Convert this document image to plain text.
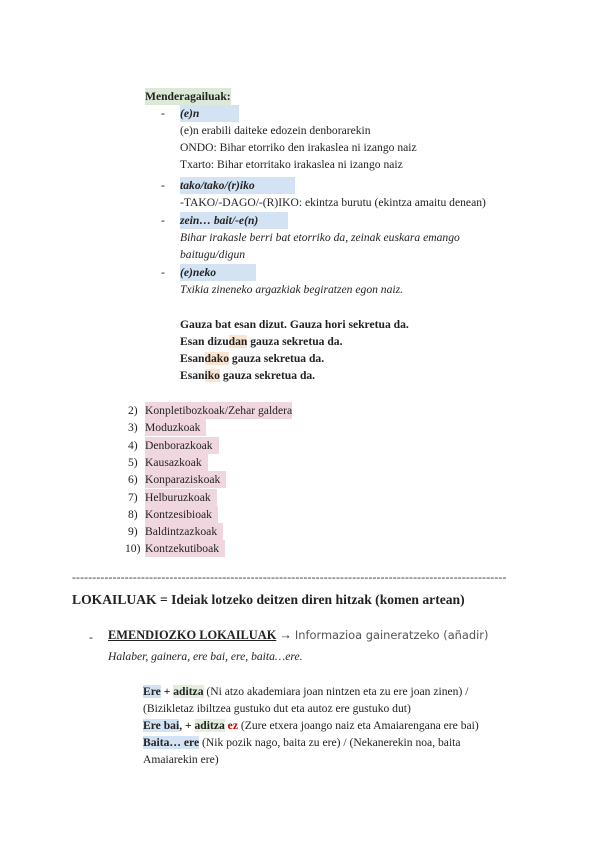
Menderagailuak:
- (e)n
(e)n erabili daiteke edozein denborarekin
ONDO: Bihar etorriko den irakaslea ni izango naiz
Txarto: Bihar etorritako irakaslea ni izango naiz
- tako/tako/(r)iko
-TAKO/-DAGO/-(R)IKO: ekintza burutu (ekintza amaitu denean)
- zein… bait/-e(n)
Bihar irakasle berri bat etorriko da, zeinak euskara emango
baitugu/digun
- (e)neko
Txikia zineneko argazkiak begiratzen egon naiz.
Gauza bat esan dizut. Gauza hori sekretua da.
Esan dizudan gauza sekretua da.
Esandako gauza sekretua da.
Esaniko gauza sekretua da.
2) Konpletibozkoak/Zehar galdera
3) Moduzkoak
4) Denborazkoak
5) Kausazkoak
6) Konparaziskoak
7) Helburuzkoak
8) Kontzesibioak
9) Baldintzazkoak
10) Kontzekutiboak
-----------------------------------------------------------------------------------------------------------
LOKAILUAK = Ideiak lotzeko deitzen diren hitzak (komen artean)
- EMENDIOZKO LOKAILUAK → Informazioa gaineratzeko (añadir)
Halaber, gainera, ere bai, ere, baita…ere.
Ere + aditza (Ni atzo akademiara joan nintzen eta zu ere joan zinen) /
(Bizikletaz ibiltzea gustuko dut eta autoz ere gustuko dut)
Ere bai, + aditza ez (Zure etxera joango naiz eta Amaiarengana ere bai)
Baita… ere (Nik pozik nago, baita zu ere) / (Nekanerekin noa, baita
Amaiarekin ere)
